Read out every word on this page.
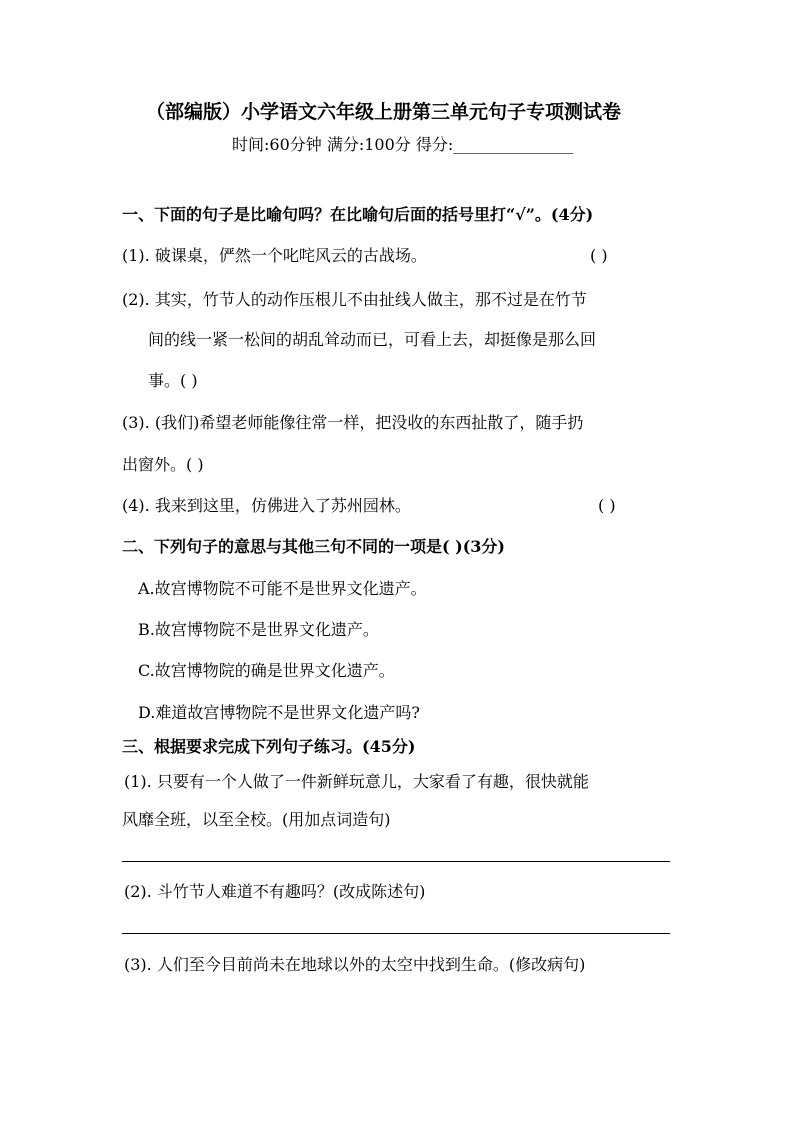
（部编版）小学语文六年级上册第三单元句子专项测试卷
时间:60分钟 满分:100分 得分:_______________
一、下面的句子是比喻句吗？在比喻句后面的括号里打“√”。(4分)
(1). 破课桌，俨然一个叱咤风云的古战场。	( )
(2). 其实，竹节人的动作压根儿不由扯线人做主，那不过是在竹节
间的线一紧一松间的胡乱耸动而已，可看上去，却挺像是那么回
事。( )
(3). (我们)希望老师能像往常一样，把没收的东西扯散了，随手扔
出窗外。( )
(4). 我来到这里，仿佛进入了苏州园林。	( )
二、下列句子的意思与其他三句不同的一项是( )(3分)
A.故宫博物院不可能不是世界文化遗产。
B.故宫博物院不是世界文化遗产。
C.故宫博物院的确是世界文化遗产。
D.难道故宫博物院不是世界文化遗产吗?
三、根据要求完成下列句子练习。(45分)
(1). 只要有一个人做了一件新鲜玩意儿，大家看了有趣，很快就能
风靡全班，以至全校。(用加点词造句)
(2). 斗竹节人难道不有趣吗？(改成陈述句)
(3). 人们至今目前尚未在地球以外的太空中找到生命。(修改病句)
